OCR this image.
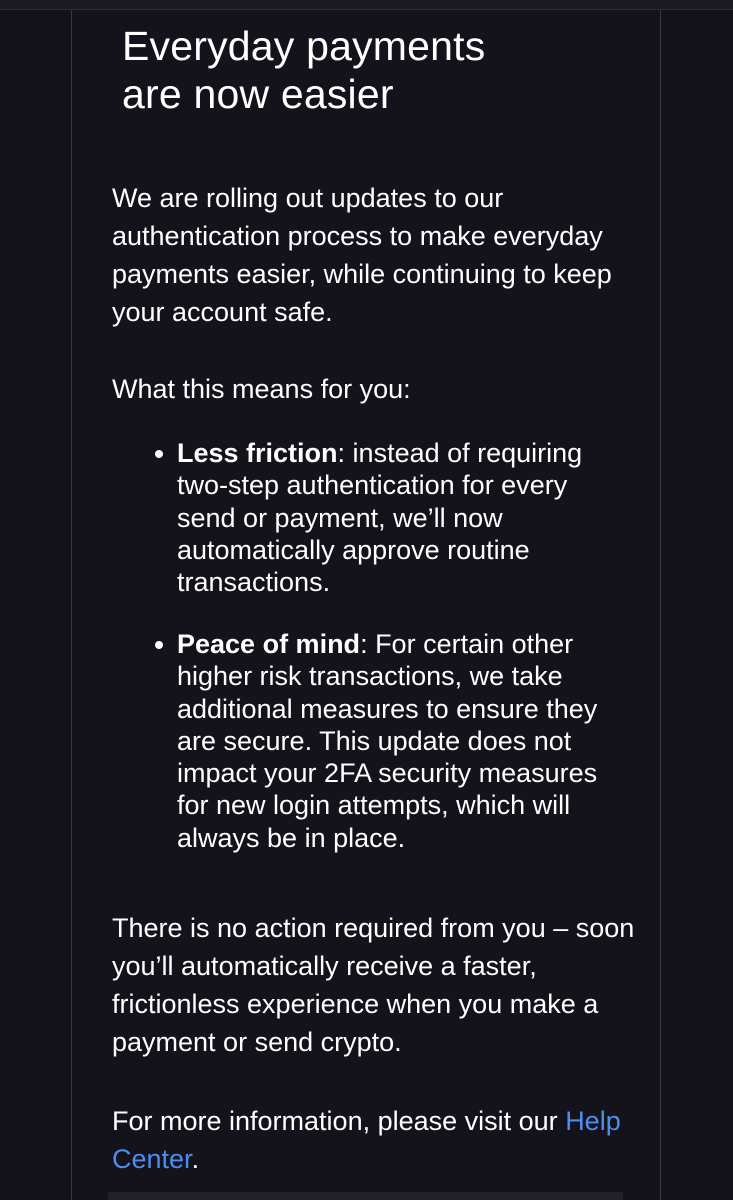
Everyday payments
are now easier

We are rolling out updates to our authentication process to make everyday payments easier, while continuing to keep your account safe.

What this means for you:

Less friction: instead of requiring two-step authentication for every send or payment, we’ll now automatically approve routine transactions.
Peace of mind: For certain other higher risk transactions, we take additional measures to ensure they are secure. This update does not impact your 2FA security measures for new login attempts, which will always be in place.

There is no action required from you – soon you’ll automatically receive a faster, frictionless experience when you make a payment or send crypto.

For more information, please visit our Help Center.
